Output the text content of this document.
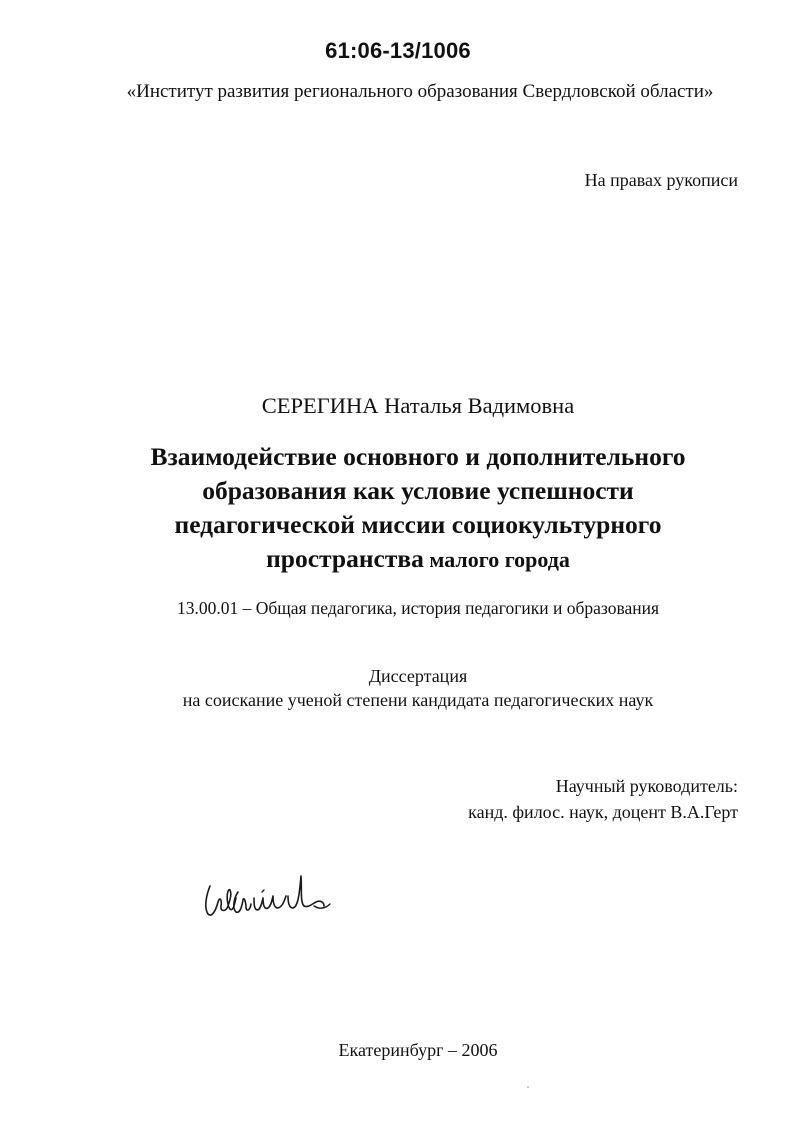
61:06-13/1006
«Институт развития регионального образования Свердловской области»
На правах рукописи
СЕРЕГИНА Наталья Вадимовна
Взаимодействие основного и дополнительного
образования как условие успешности
педагогической миссии социокультурного
пространства малого города
13.00.01 – Общая педагогика, история педагогики и образования
Диссертация
на соискание ученой степени кандидата педагогических наук
Научный руководитель:
канд. филос. наук, доцент В.А.Герт
Екатеринбург – 2006
